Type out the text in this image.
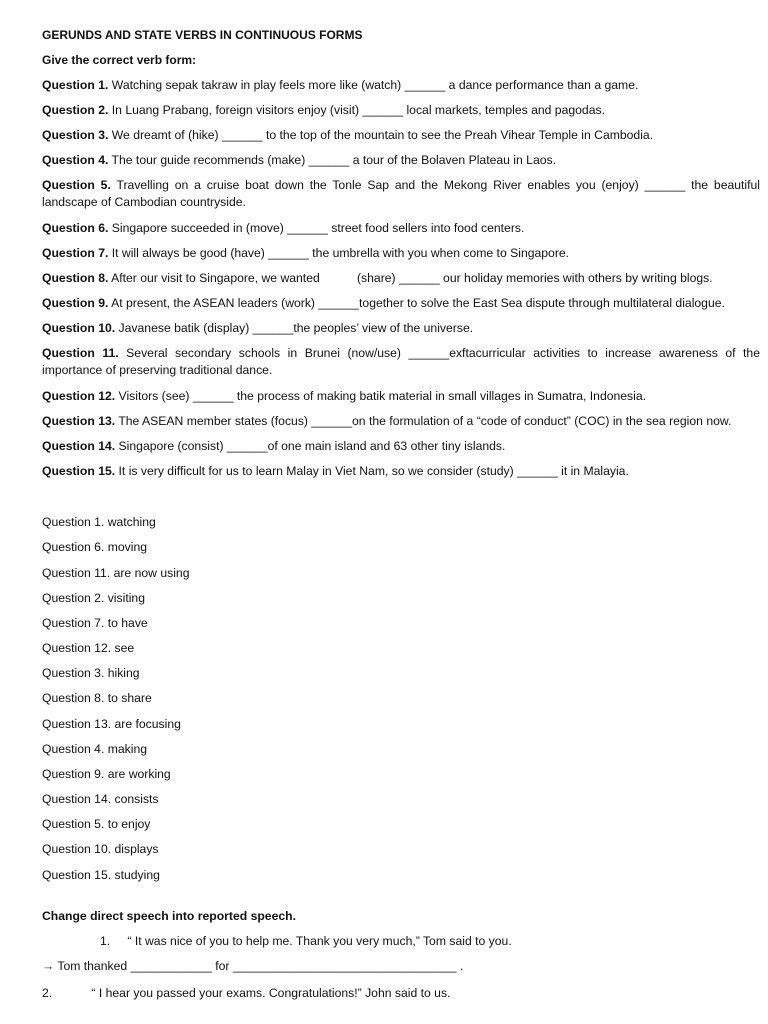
GERUNDS AND STATE VERBS IN CONTINUOUS FORMS
Give the correct verb form:
Question 1. Watching sepak takraw in play feels more like (watch) ______ a dance performance than a game.
Question 2. In Luang Prabang, foreign visitors enjoy (visit) ______ local markets, temples and pagodas.
Question 3. We dreamt of (hike) ______ to the top of the mountain to see the Preah Vihear Temple in Cambodia.
Question 4. The tour guide recommends (make) ______ a tour of the Bolaven Plateau in Laos.
Question 5. Travelling on a cruise boat down the Tonle Sap and the Mekong River enables you (enjoy) ______ the beautiful landscape of Cambodian countryside.
Question 6. Singapore succeeded in (move) ______ street food sellers into food centers.
Question 7. It will always be good (have) ______ the umbrella with you when come to Singapore.
Question 8. After our visit to Singapore, we wanted           (share) ______ our holiday memories with others by writing blogs.
Question 9. At present, the ASEAN leaders (work) ______together to solve the East Sea dispute through multilateral dialogue.
Question 10. Javanese batik (display) ______the peoples’ view of the universe.
Question 11. Several secondary schools in Brunei (now/use) ______exftacurricular activities to increase awareness of the importance of preserving traditional dance.
Question 12. Visitors (see) ______ the process of making batik material in small villages in Sumatra, Indonesia.
Question 13. The ASEAN member states (focus) ______on the formulation of a “code of conduct” (COC) in the sea region now.
Question 14. Singapore (consist) ______of one main island and 63 other tiny islands.
Question 15. It is very difficult for us to learn Malay in Viet Nam, so we consider (study) ______ it in Malayia.
Question 1. watching
Question 6. moving
Question 11. are now using
Question 2. visiting
Question 7. to have
Question 12. see
Question 3. hiking
Question 8. to share
Question 13. are focusing
Question 4. making
Question 9. are working
Question 14. consists
Question 5. to enjoy
Question 10. displays
Question 15. studying
Change direct speech into reported speech.
1. “ It was nice of you to help me. Thank you very much,” Tom said to you.
→ Tom thanked ____________ for _________________________________ .
2.	“ I hear you passed your exams. Congratulations!” John said to us.
